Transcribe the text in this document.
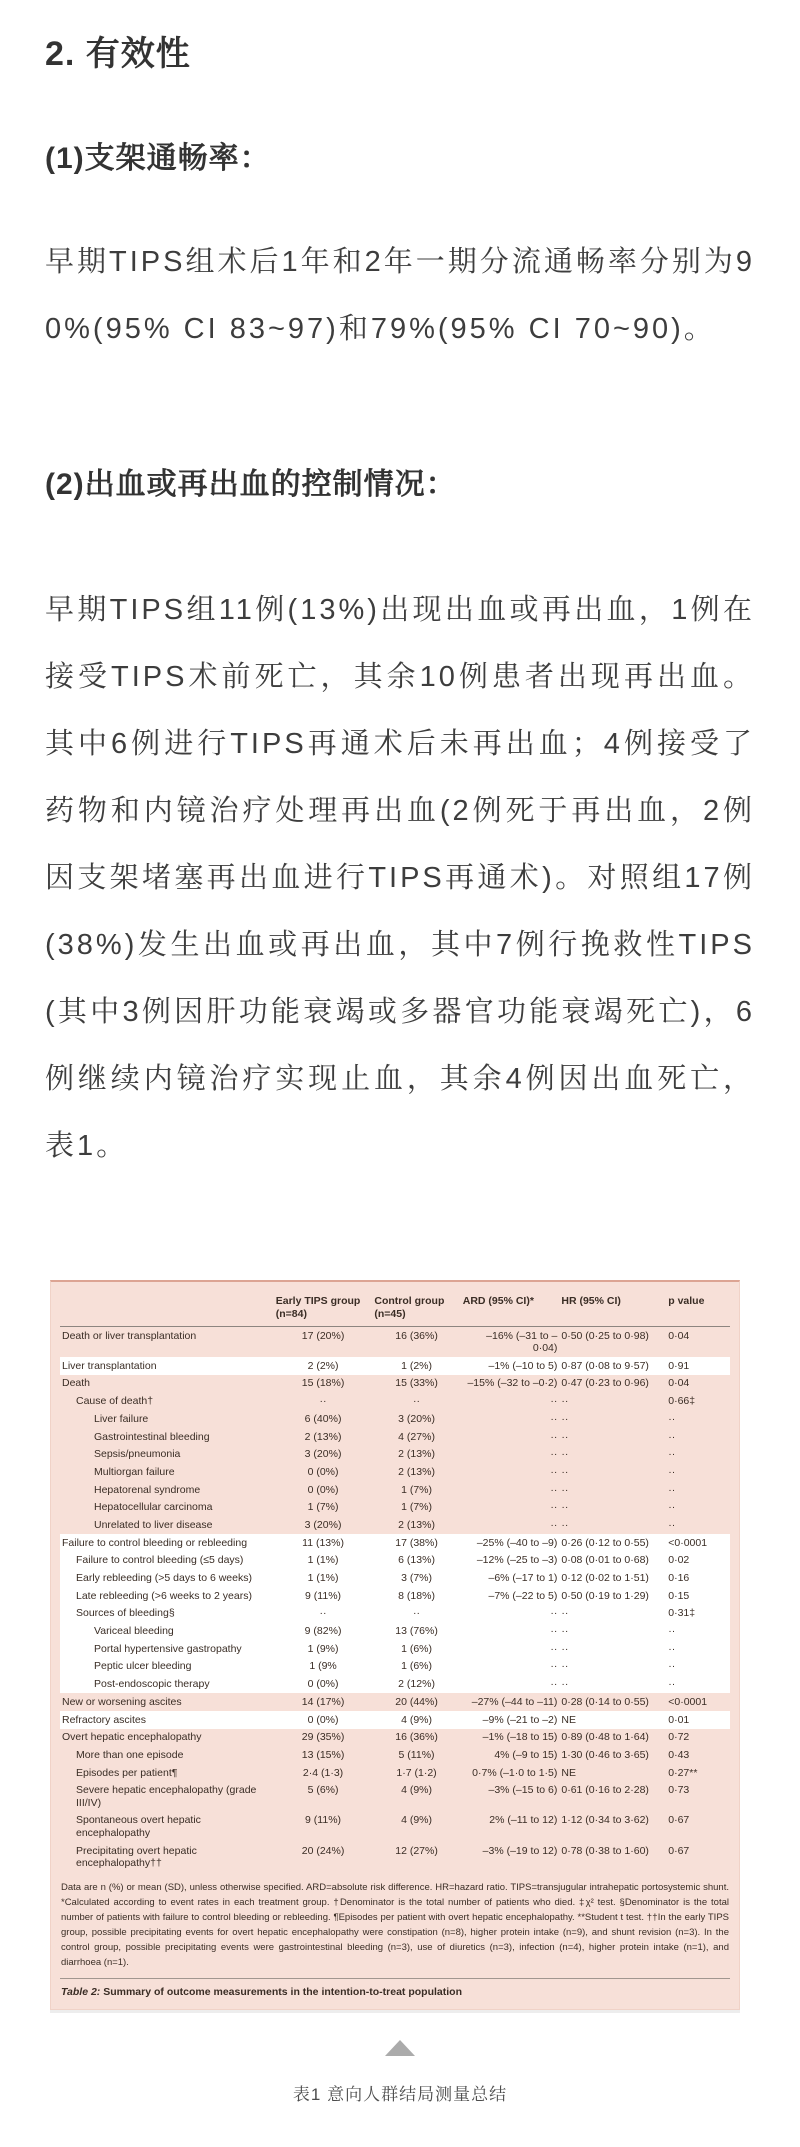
2. 有效性
(1)支架通畅率：
早期TIPS组术后1年和2年一期分流通畅率分别为90%(95% CI 83~97)和79%(95% CI 70~90)。
(2)出血或再出血的控制情况：
早期TIPS组11例(13%)出现出血或再出血，1例在接受TIPS术前死亡，其余10例患者出现再出血。其中6例进行TIPS再通术后未再出血；4例接受了药物和内镜治疗处理再出血(2例死于再出血，2例因支架堵塞再出血进行TIPS再通术)。对照组17例(38%)发生出血或再出血，其中7例行挽救性TIPS(其中3例因肝功能衰竭或多器官功能衰竭死亡)，6例继续内镜治疗实现止血，其余4例因出血死亡，表1。
	Early TIPS group (n=84)	Control group (n=45)	ARD (95% CI)*	HR (95% CI)	p value
Death or liver transplantation	17 (20%)	16 (36%)	–16% (–31 to –0·04)	0·50 (0·25 to 0·98)	0·04
Liver transplantation	2 (2%)	1 (2%)	–1% (–10 to 5)	0·87 (0·08 to 9·57)	0·91
Death	15 (18%)	15 (33%)	–15% (–32 to –0·2)	0·47 (0·23 to 0·96)	0·04
Cause of death†	··	··	··	··	0·66‡
Liver failure	6 (40%)	3 (20%)	··	··	··
Gastrointestinal bleeding	2 (13%)	4 (27%)	··	··	··
Sepsis/pneumonia	3 (20%)	2 (13%)	··	··	··
Multiorgan failure	0 (0%)	2 (13%)	··	··	··
Hepatorenal syndrome	0 (0%)	1 (7%)	··	··	··
Hepatocellular carcinoma	1 (7%)	1 (7%)	··	··	··
Unrelated to liver disease	3 (20%)	2 (13%)	··	··	··
Failure to control bleeding or rebleeding	11 (13%)	17 (38%)	–25% (–40 to –9)	0·26 (0·12 to 0·55)	<0·0001
Failure to control bleeding (≤5 days)	1 (1%)	6 (13%)	–12% (–25 to –3)	0·08 (0·01 to 0·68)	0·02
Early rebleeding (>5 days to 6 weeks)	1 (1%)	3 (7%)	–6% (–17 to 1)	0·12 (0·02 to 1·51)	0·16
Late rebleeding (>6 weeks to 2 years)	9 (11%)	8 (18%)	–7% (–22 to 5)	0·50 (0·19 to 1·29)	0·15
Sources of bleeding§	··	··	··	··	0·31‡
Variceal bleeding	9 (82%)	13 (76%)	··	··	··
Portal hypertensive gastropathy	1 (9%)	1 (6%)	··	··	··
Peptic ulcer bleeding	1 (9%	1 (6%)	··	··	··
Post-endoscopic therapy	0 (0%)	2 (12%)	··	··	··
New or worsening ascites	14 (17%)	20 (44%)	–27% (–44 to –11)	0·28 (0·14 to 0·55)	<0·0001
Refractory ascites	0 (0%)	4 (9%)	–9% (–21 to –2)	NE	0·01
Overt hepatic encephalopathy	29 (35%)	16 (36%)	–1% (–18 to 15)	0·89 (0·48 to 1·64)	0·72
More than one episode	13 (15%)	5 (11%)	4% (–9 to 15)	1·30 (0·46 to 3·65)	0·43
Episodes per patient¶	2·4 (1·3)	1·7 (1·2)	0·7% (–1·0 to 1·5)	NE	0·27**
Severe hepatic encephalopathy (grade III/IV)	5 (6%)	4 (9%)	–3% (–15 to 6)	0·61 (0·16 to 2·28)	0·73
Spontaneous overt hepatic encephalopathy	9 (11%)	4 (9%)	2% (–11 to 12)	1·12 (0·34 to 3·62)	0·67
Precipitating overt hepatic encephalopathy††	20 (24%)	12 (27%)	–3% (–19 to 12)	0·78 (0·38 to 1·60)	0·67
Data are n (%) or mean (SD), unless otherwise specified. ARD=absolute risk difference. HR=hazard ratio. TIPS=transjugular intrahepatic portosystemic shunt. *Calculated according to event rates in each treatment group. †Denominator is the total number of patients who died. ‡χ² test. §Denominator is the total number of patients with failure to control bleeding or rebleeding. ¶Episodes per patient with overt hepatic encephalopathy. **Student t test. ††In the early TIPS group, possible precipitating events for overt hepatic encephalopathy were constipation (n=8), higher protein intake (n=9), and shunt revision (n=3). In the control group, possible precipitating events were gastrointestinal bleeding (n=3), use of diuretics (n=3), infection (n=4), higher protein intake (n=1), and diarrhoea (n=1).
Table 2: Summary of outcome measurements in the intention-to-treat population
表1 意向人群结局测量总结
